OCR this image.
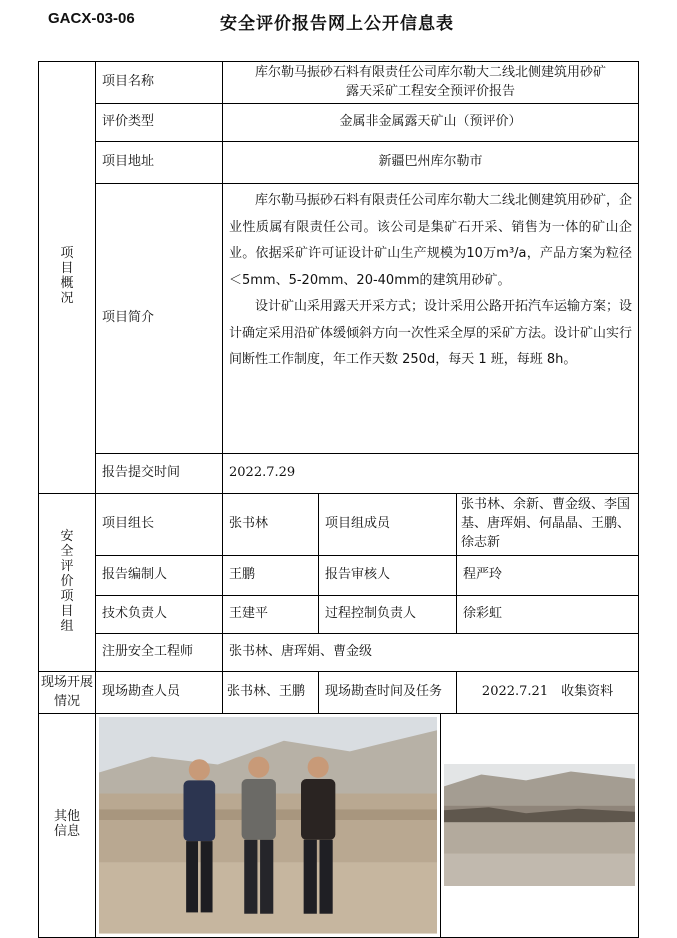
GACX-03-06	安全评价报告网上公开信息表
项目概况	项目名称	库尔勒马振砂石料有限责任公司库尔勒大二线北侧建筑用砂矿
露天采矿工程安全预评价报告			

	评价类型	金属非金属露天矿山（预评价）			
	项目地址	新疆巴州库尔勒市			
	项目简介	库尔勒马振砂石料有限责任公司库尔勒大二线北侧建筑用砂矿，企业性质属有限责任公司。该公司是集矿石开采、销售为一体的矿山企业。依据采矿许可证设计矿山生产规模为10万m³/a，产品方案为粒径＜5mm、5-20mm、20-40mm的建筑用砂矿。

设计矿山采用露天开采方式；设计采用公路开拓汽车运输方案；设计确定采用沿矿体缓倾斜方向一次性采全厚的采矿方法。设计矿山实行间断性工作制度，年工作天数 250d，每天 1 班，每班 8h。			

	报告提交时间	2022.7.29			
安全评价项目组	项目组长	张书林	项目组成员		张书林、余新、曹金级、李国基、唐珲娟、何晶晶、王鹏、徐志新
	报告编制人	王鹏	报告审核人		程严玲
	技术负责人	王建平	过程控制负责人		徐彩虹
	注册安全工程师	张书林、唐珲娟、曹金级			
现场开展情况	现场勘查人员	张书林、王鹏	现场勘查时间及任务		2022.7.21　收集资料
其他信息	
